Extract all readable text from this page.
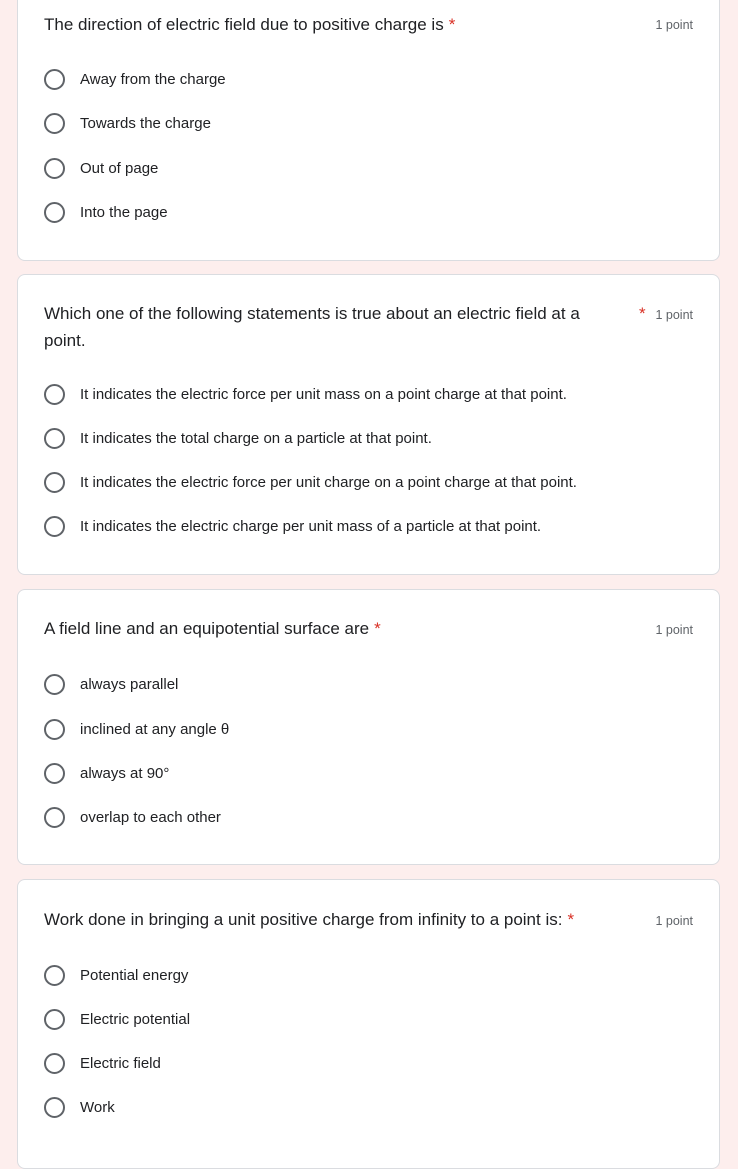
The direction of electric field due to positive charge is *	1 point
Away from the charge
Towards the charge
Out of page
Into the page
Which one of the following statements is true about an electric field at a point.
* 1 point
It indicates the electric force per unit mass on a point charge at that point.
It indicates the total charge on a particle at that point.
It indicates the electric force per unit charge on a point charge at that point.
It indicates the electric charge per unit mass of a particle at that point.
A field line and an equipotential surface are *	1 point
always parallel
inclined at any angle θ
always at 90°
overlap to each other
Work done in bringing a unit positive charge from infinity to a point is: *	1 point
Potential energy
Electric potential
Electric field
Work
